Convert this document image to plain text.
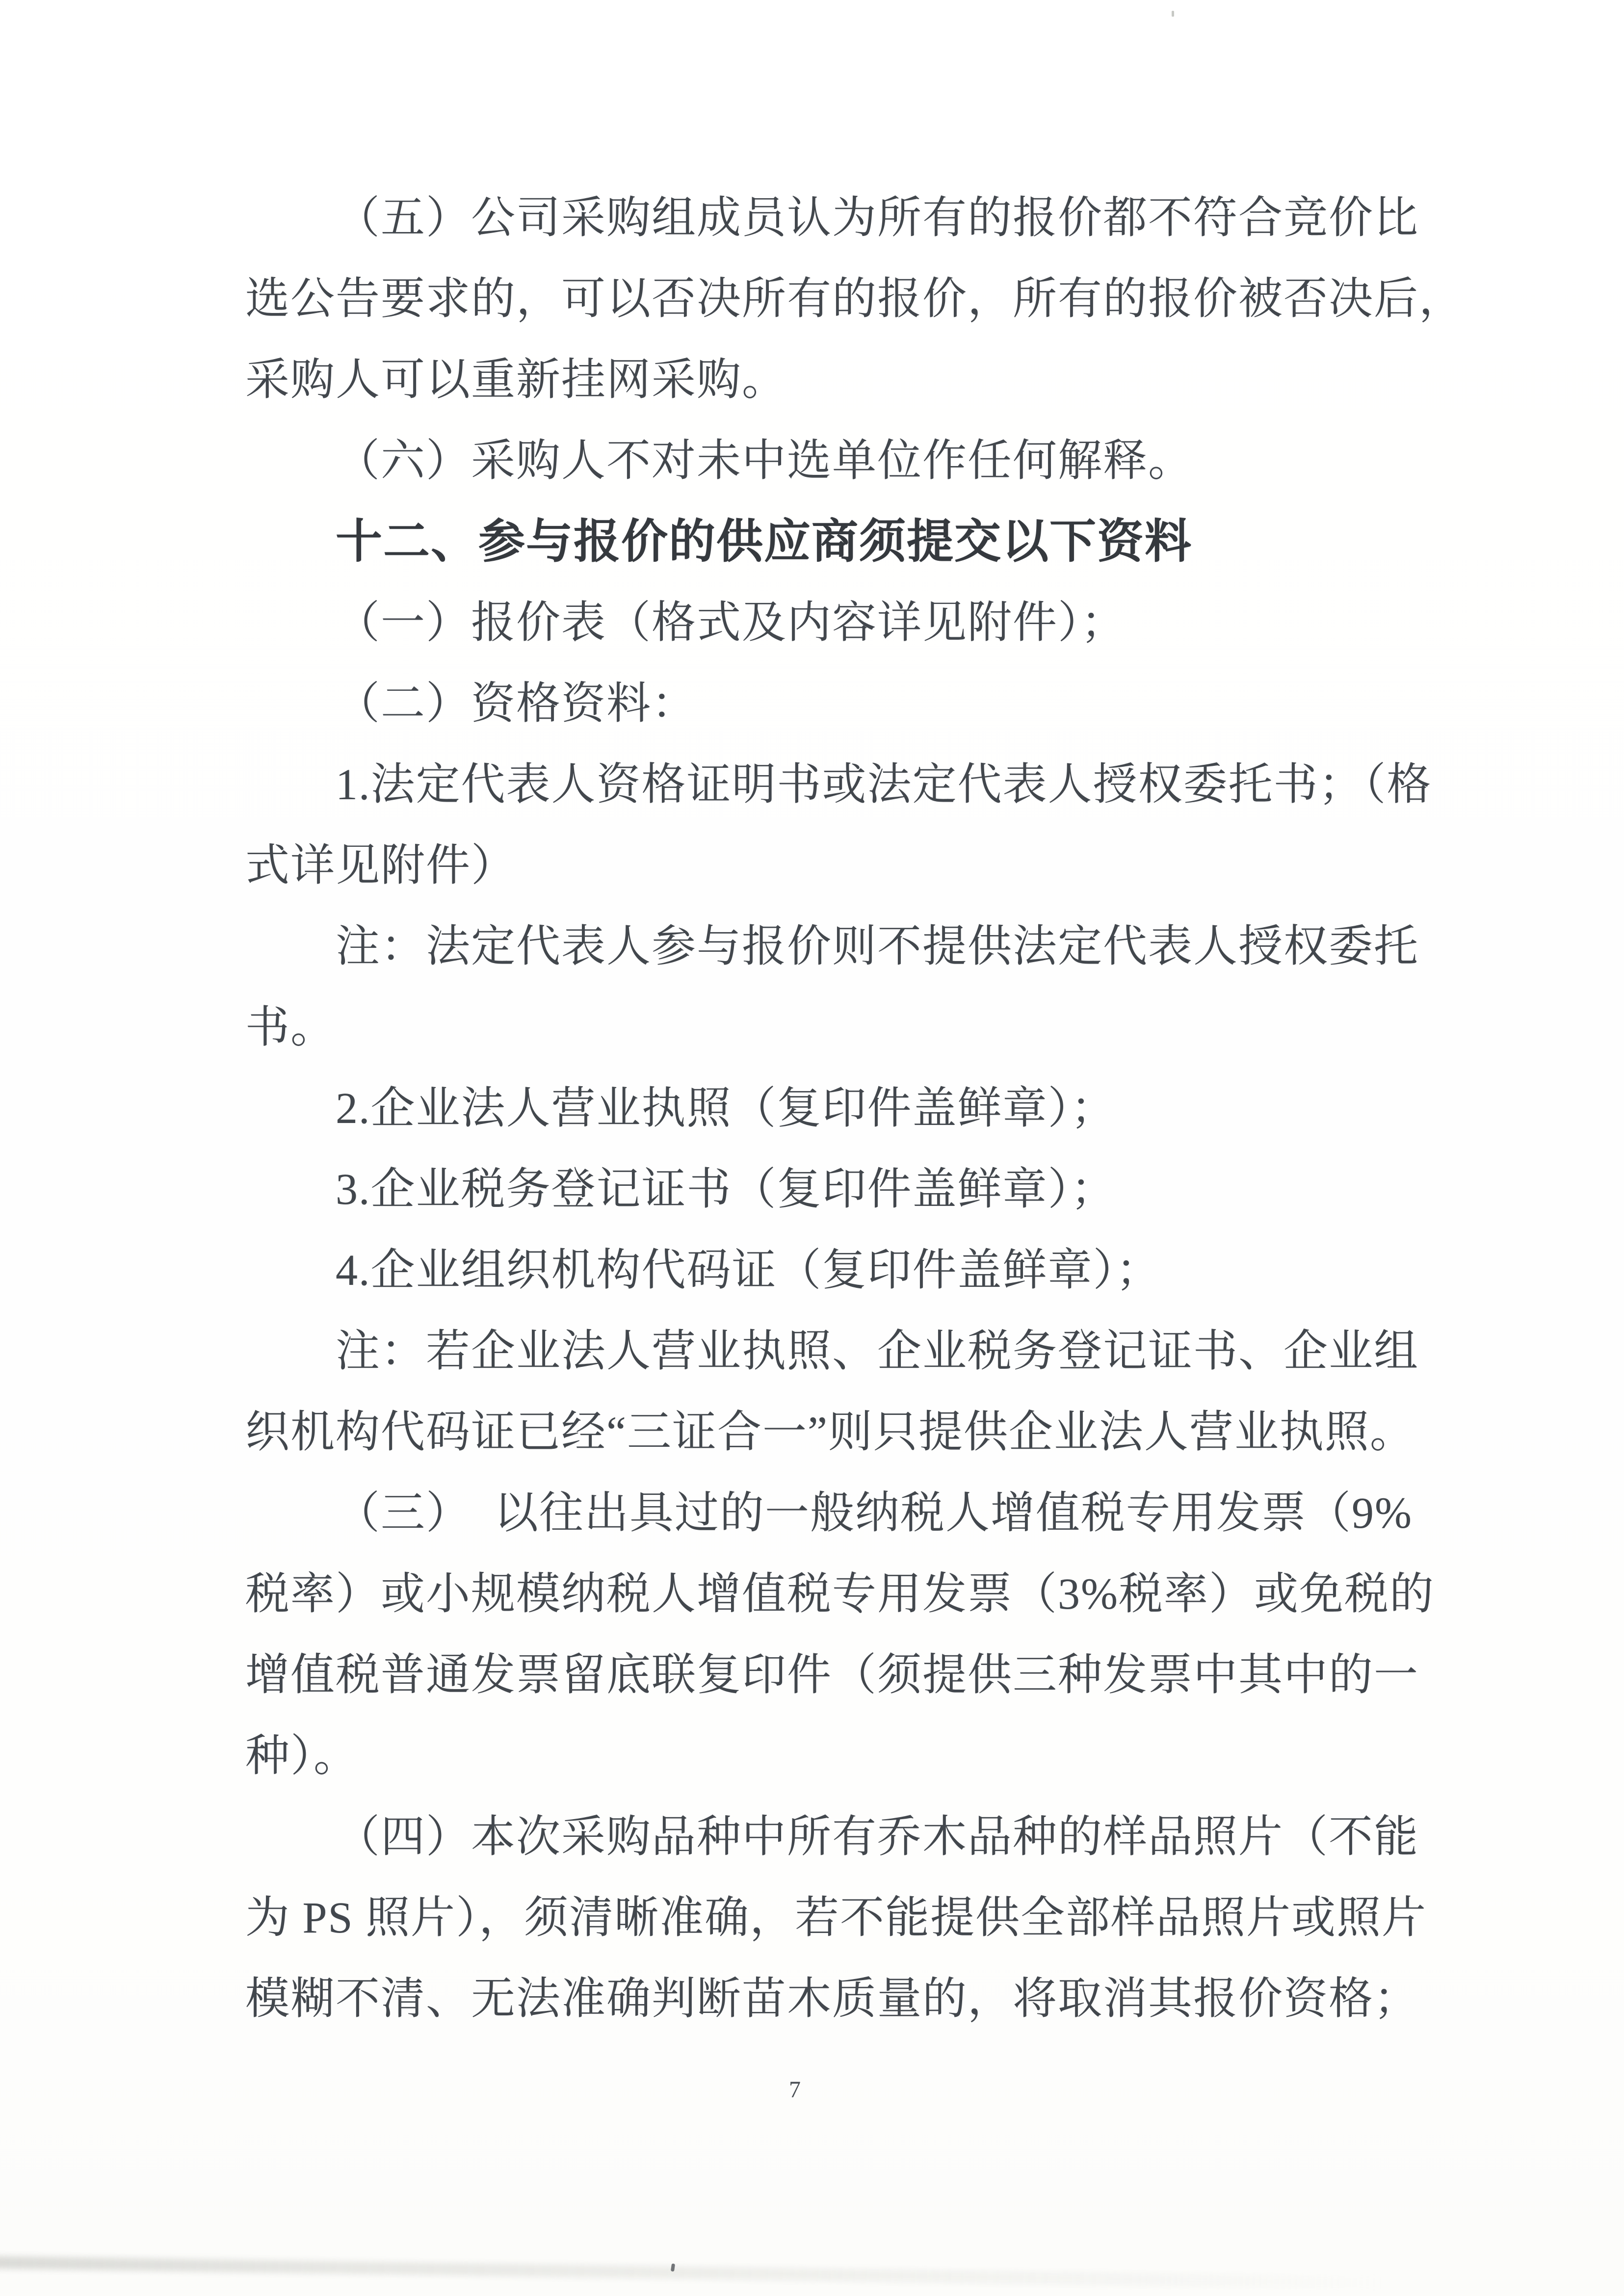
（五）公司采购组成员认为所有的报价都不符合竞价比
选公告要求的，可以否决所有的报价，所有的报价被否决后，
采购人可以重新挂网采购。
（六）采购人不对未中选单位作任何解释。
十二、参与报价的供应商须提交以下资料
（一）报价表（格式及内容详见附件）；
（二）资格资料：
1.法定代表人资格证明书或法定代表人授权委托书；（格
式详见附件）
注：法定代表人参与报价则不提供法定代表人授权委托
书。
2.企业法人营业执照（复印件盖鲜章）；
3.企业税务登记证书（复印件盖鲜章）；
4.企业组织机构代码证（复印件盖鲜章）；
注：若企业法人营业执照、企业税务登记证书、企业组
织机构代码证已经“三证合一”则只提供企业法人营业执照。
（三）　以往出具过的一般纳税人增值税专用发票（9%
税率）或小规模纳税人增值税专用发票（3%税率）或免税的
增值税普通发票留底联复印件（须提供三种发票中其中的一
种）。
（四）本次采购品种中所有乔木品种的样品照片（不能
为 PS 照片），须清晰准确，若不能提供全部样品照片或照片
模糊不清、无法准确判断苗木质量的，将取消其报价资格；
7
